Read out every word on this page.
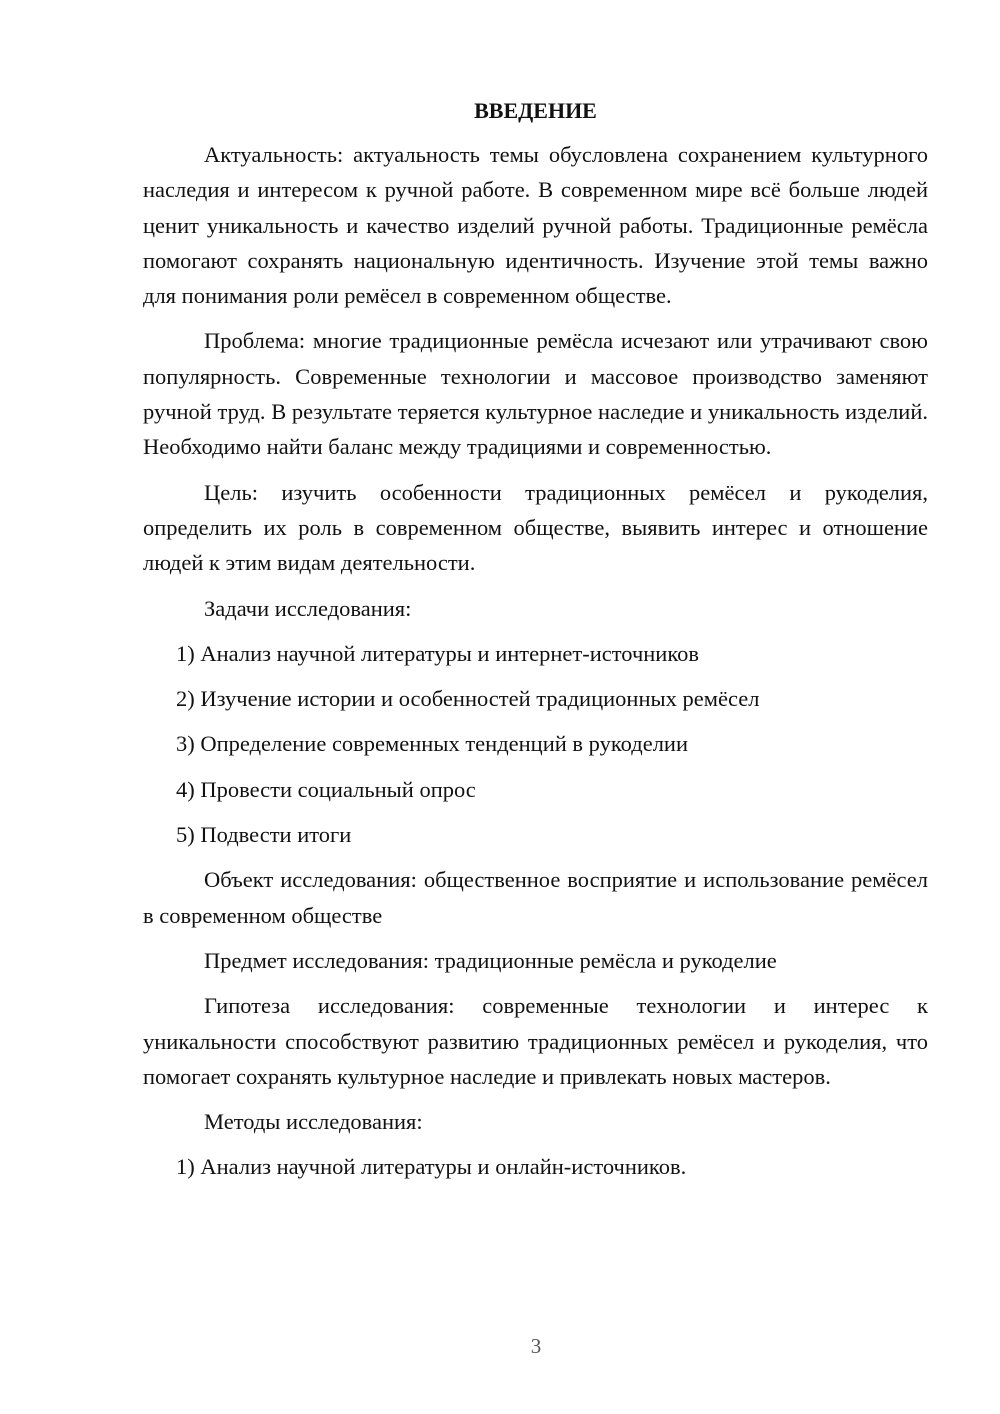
ВВЕДЕНИЕ
Актуальность: актуальность темы обусловлена сохранением культурного наследия и интересом к ручной работе. В современном мире всё больше людей ценит уникальность и качество изделий ручной работы. Традиционные ремёсла помогают сохранять национальную идентичность. Изучение этой темы важно для понимания роли ремёсел в современном обществе.
Проблема: многие традиционные ремёсла исчезают или утрачивают свою популярность. Современные технологии и массовое производство заменяют ручной труд. В результате теряется культурное наследие и уникальность изделий. Необходимо найти баланс между традициями и современностью.
Цель: изучить особенности традиционных ремёсел и рукоделия, определить их роль в современном обществе, выявить интерес и отношение людей к этим видам деятельности.
Задачи исследования:
1) Анализ научной литературы и интернет-источников
2) Изучение истории и особенностей традиционных ремёсел
3) Определение современных тенденций в рукоделии
4) Провести социальный опрос
5) Подвести итоги
Объект исследования: общественное восприятие и использование ремёсел в современном обществе
Предмет исследования: традиционные ремёсла и рукоделие
Гипотеза исследования: современные технологии и интерес к уникальности способствуют развитию традиционных ремёсел и рукоделия, что помогает сохранять культурное наследие и привлекать новых мастеров.
Методы исследования:
1) Анализ научной литературы и онлайн-источников.
3
